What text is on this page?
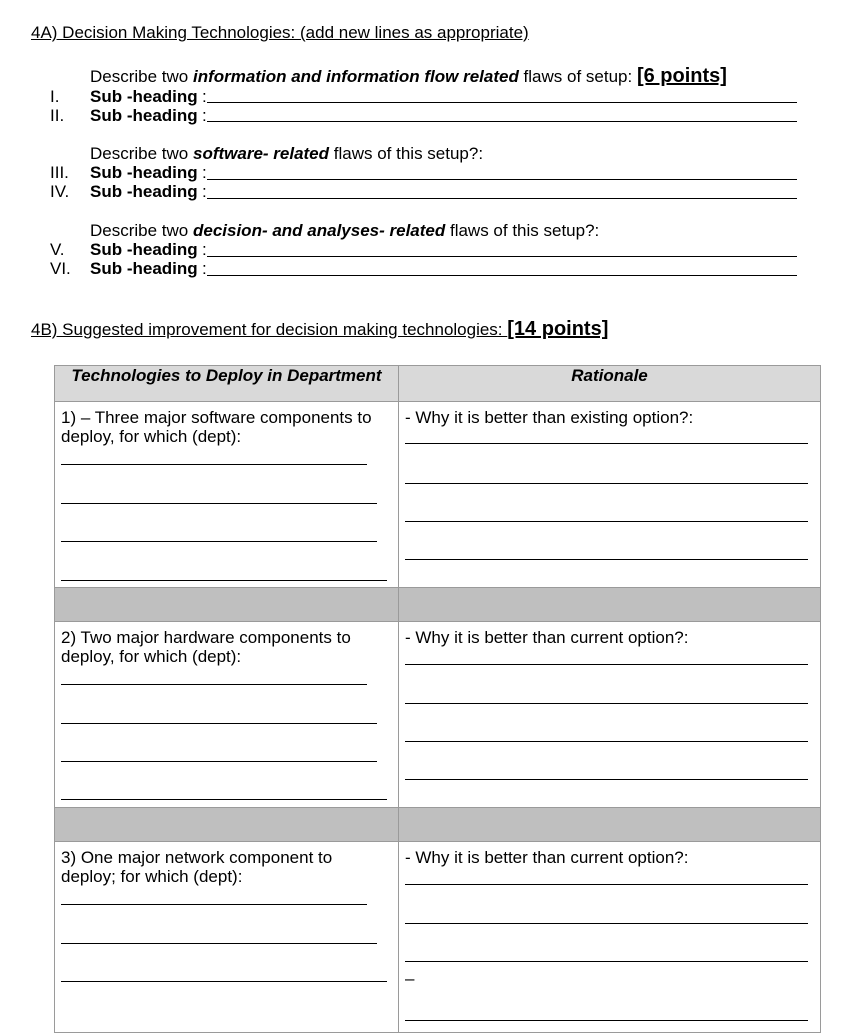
4A) Decision Making Technologies: (add new lines as appropriate)
Describe two information and information flow related flaws of setup: [6 points]
I. Sub -heading :
II. Sub -heading :
Describe two software- related flaws of this setup?:
III. Sub -heading :
IV. Sub -heading :
Describe two decision- and analyses- related flaws of this setup?:
V. Sub -heading :
VI. Sub -heading :
4B) Suggested improvement for decision making technologies: [14 points]
Technologies to Deploy in Department	Rationale

1) – Three major software components to deploy, for which (dept):	- Why it is better than existing option?:

2) Two major hardware components to deploy, for which (dept):	- Why it is better than current option?:

3) One major network component to deploy; for which (dept):	- Why it is better than current option?:
–
